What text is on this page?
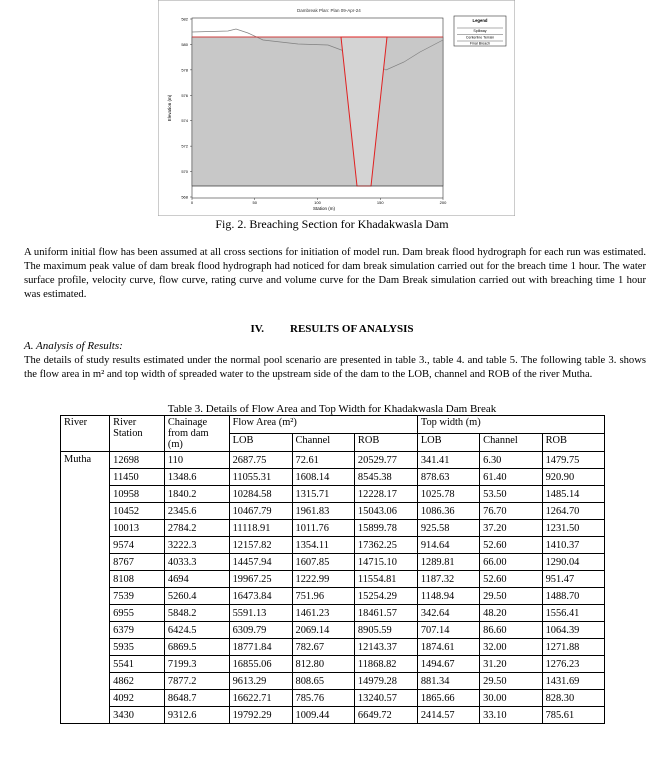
Dambreak Plan: Plan 09-Apr-24
582
580
578
576
574
572
570
568
0	50	100	150	200
Legend
Spillway
Centerline Terrain
Final Breach
Elevation (m)
Station (m)
Fig. 2. Breaching Section for Khadakwasla Dam
A uniform initial flow has been assumed at all cross sections for initiation of model run. Dam break flood hydrograph for each run was estimated. The maximum peak value of dam break flood hydrograph had noticed for dam break simulation carried out for the breach time 1 hour. The water surface profile, velocity curve, flow curve, rating curve and volume curve for the Dam Break simulation carried out with breaching time 1 hour was estimated.
IV. RESULTS OF ANALYSIS
A. Analysis of Results:
The details of study results estimated under the normal pool scenario are presented in table 3., table 4. and table 5. The following table 3. shows the flow area in m² and top width of spreaded water to the upstream side of the dam to the LOB, channel and ROB of the river Mutha.
Table 3. Details of Flow Area and Top Width for Khadakwasla Dam Break
River	River Station	Chainage from dam (m)	Flow Area (m²)			Top width (m)		
			LOB	Channel	ROB	LOB	Channel	ROB
Mutha	12698	110	2687.75	72.61	20529.77	341.41	6.30	1479.75
	11450	1348.6	11055.31	1608.14	8545.38	878.63	61.40	920.90
	10958	1840.2	10284.58	1315.71	12228.17	1025.78	53.50	1485.14
	10452	2345.6	10467.79	1961.83	15043.06	1086.36	76.70	1264.70
	10013	2784.2	11118.91	1011.76	15899.78	925.58	37.20	1231.50
	9574	3222.3	12157.82	1354.11	17362.25	914.64	52.60	1410.37
	8767	4033.3	14457.94	1607.85	14715.10	1289.81	66.00	1290.04
	8108	4694	19967.25	1222.99	11554.81	1187.32	52.60	951.47
	7539	5260.4	16473.84	751.96	15254.29	1148.94	29.50	1488.70
	6955	5848.2	5591.13	1461.23	18461.57	342.64	48.20	1556.41
	6379	6424.5	6309.79	2069.14	8905.59	707.14	86.60	1064.39
	5935	6869.5	18771.84	782.67	12143.37	1874.61	32.00	1271.88
	5541	7199.3	16855.06	812.80	11868.82	1494.67	31.20	1276.23
	4862	7877.2	9613.29	808.65	14979.28	881.34	29.50	1431.69
	4092	8648.7	16622.71	785.76	13240.57	1865.66	30.00	828.30
	3430	9312.6	19792.29	1009.44	6649.72	2414.57	33.10	785.61
